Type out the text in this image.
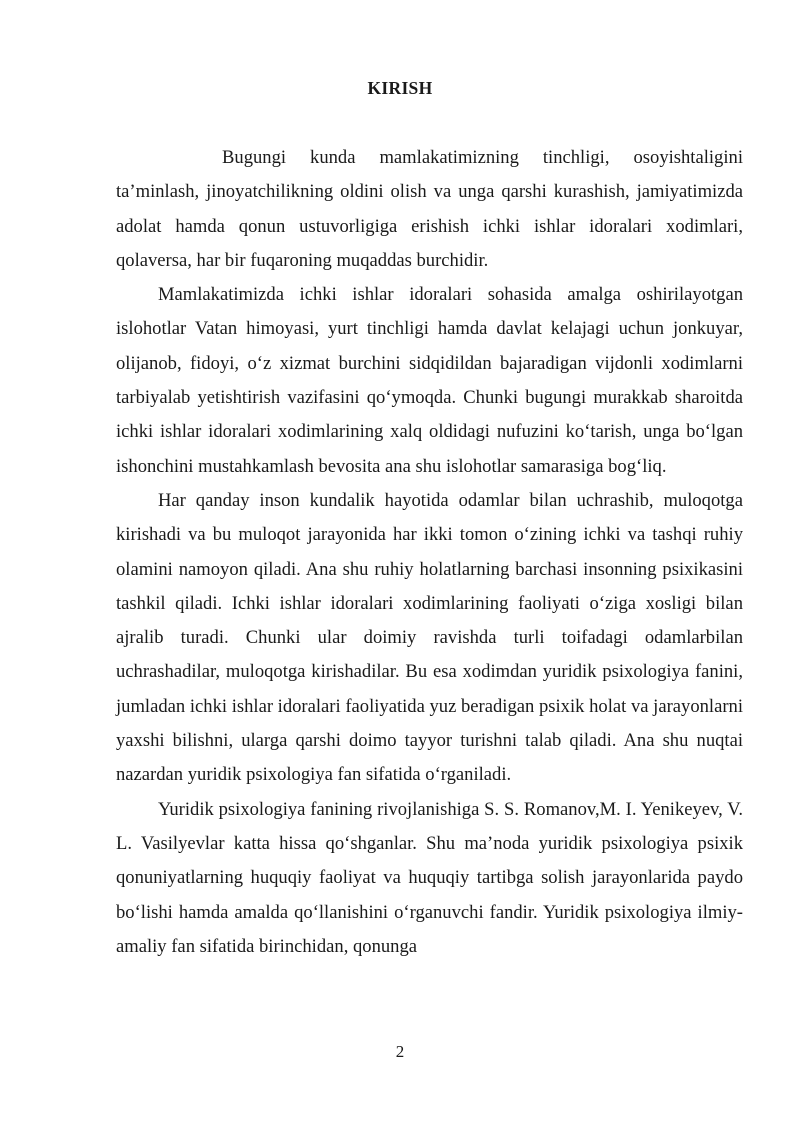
KIRISH

Bugungi kunda mamlakatimizning tinchligi, osoyishtaligini ta’minlash, jinoyatchilikning oldini olish va unga qarshi kurashish, jamiyatimizda adolat hamda qonun ustuvorligiga erishish ichki ishlar idoralari xodimlari, qolaversa, har bir fuqaroning muqaddas burchidir.

Mamlakatimizda ichki ishlar idoralari sohasida amalga oshirilayotgan islohotlar Vatan himoyasi, yurt tinchligi hamda davlat kelajagi uchun jonkuyar, olijanob, fidoyi, o‘z xizmat burchini sidqidildan bajaradigan vijdonli xodimlarni tarbiyalab yetishtirish vazifasini qo‘ymoqda. Chunki bugungi murakkab sharoitda ichki ishlar idoralari xodimlarining xalq oldidagi nufuzini ko‘tarish, unga bo‘lgan ishonchini mustahkamlash bevosita ana shu islohotlar samarasiga bog‘liq.

Har qanday inson kundalik hayotida odamlar bilan uchrashib, muloqotga kirishadi va bu muloqot jarayonida har ikki tomon o‘zining ichki va tashqi ruhiy olamini namoyon qiladi. Ana shu ruhiy holatlarning barchasi insonning psixikasini tashkil qiladi. Ichki ishlar idoralari xodimlarining faoliyati o‘ziga xosligi bilan ajralib turadi. Chunki ular doimiy ravishda turli toifadagi odamlarbilan uchrashadilar, muloqotga kirishadilar. Bu esa xodimdan yuridik psixologiya fanini, jumladan ichki ishlar idoralari faoliyatida yuz beradigan psixik holat va jarayonlarni yaxshi bilishni, ularga qarshi doimo tayyor turishni talab qiladi. Ana shu nuqtai nazardan yuridik psixologiya fan sifatida o‘rganiladi.

Yuridik psixologiya fanining rivojlanishiga S. S. Romanov,M. I. Yenikeyev, V. L. Vasilyevlar katta hissa qo‘shganlar. Shu ma’noda yuridik psixologiya psixik qonuniyatlarning huquqiy faoliyat va huquqiy tartibga solish jarayonlarida paydo bo‘lishi hamda amalda qo‘llanishini o‘rganuvchi fandir. Yuridik psixologiya ilmiy-amaliy fan sifatida birinchidan, qonunga

2
